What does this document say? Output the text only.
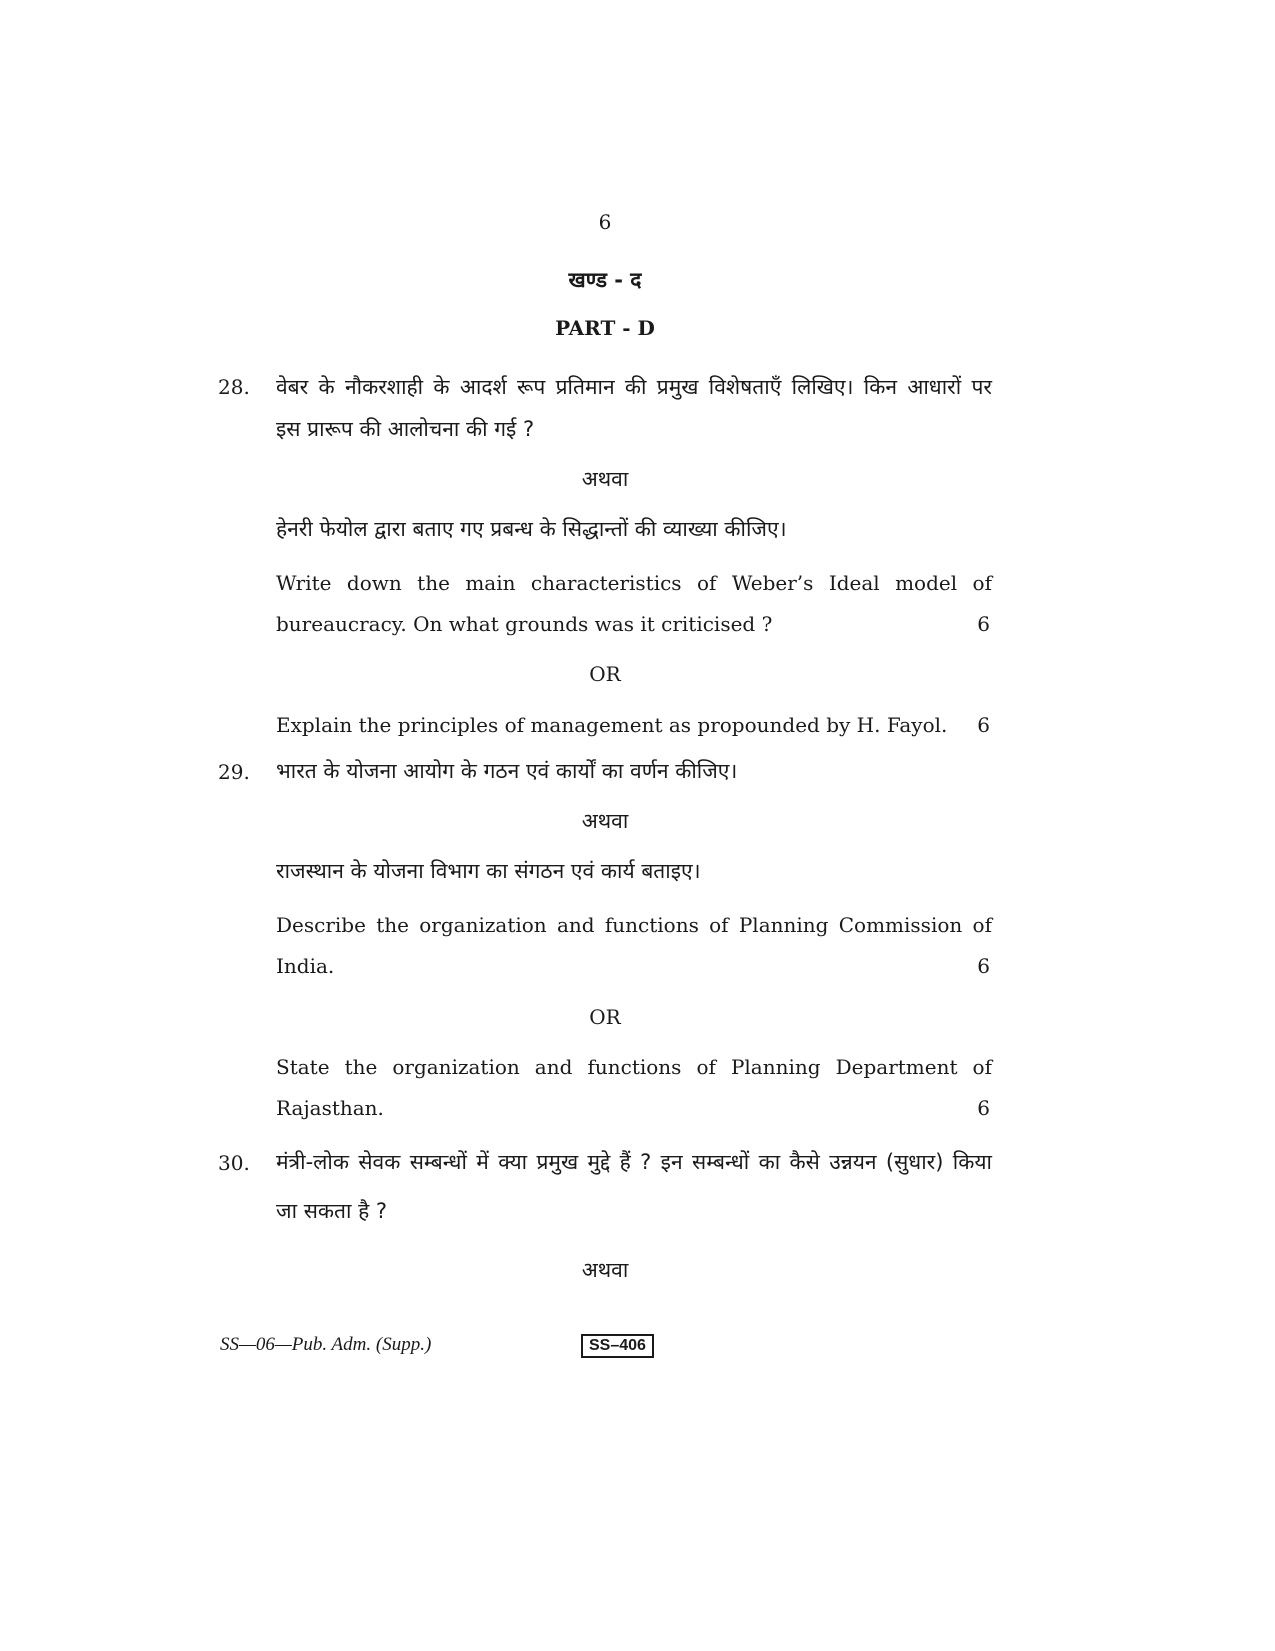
6
खण्ड - द
PART - D
28. वेबर के नौकरशाही के आदर्श रूप प्रतिमान की प्रमुख विशेषताएँ लिखिए। किन आधारों पर
इस प्रारूप की आलोचना की गई ?
अथवा
हेनरी फेयोल द्वारा बताए गए प्रबन्ध के सिद्धान्तों की व्याख्या कीजिए।
Write down the main characteristics of Weber’s Ideal model of
bureaucracy. On what grounds was it criticised ?	6
OR
Explain the principles of management as propounded by H. Fayol.	6
29. भारत के योजना आयोग के गठन एवं कार्यों का वर्णन कीजिए।
अथवा
राजस्थान के योजना विभाग का संगठन एवं कार्य बताइए।
Describe the organization and functions of Planning Commission of
India.	6
OR
State the organization and functions of Planning Department of
Rajasthan.	6
30. मंत्री-लोक सेवक सम्बन्धों में क्या प्रमुख मुद्दे हैं ? इन सम्बन्धों का कैसे उन्नयन (सुधार) किया
जा सकता है ?
अथवा
SS—06—Pub. Adm. (Supp.)	SS–406
